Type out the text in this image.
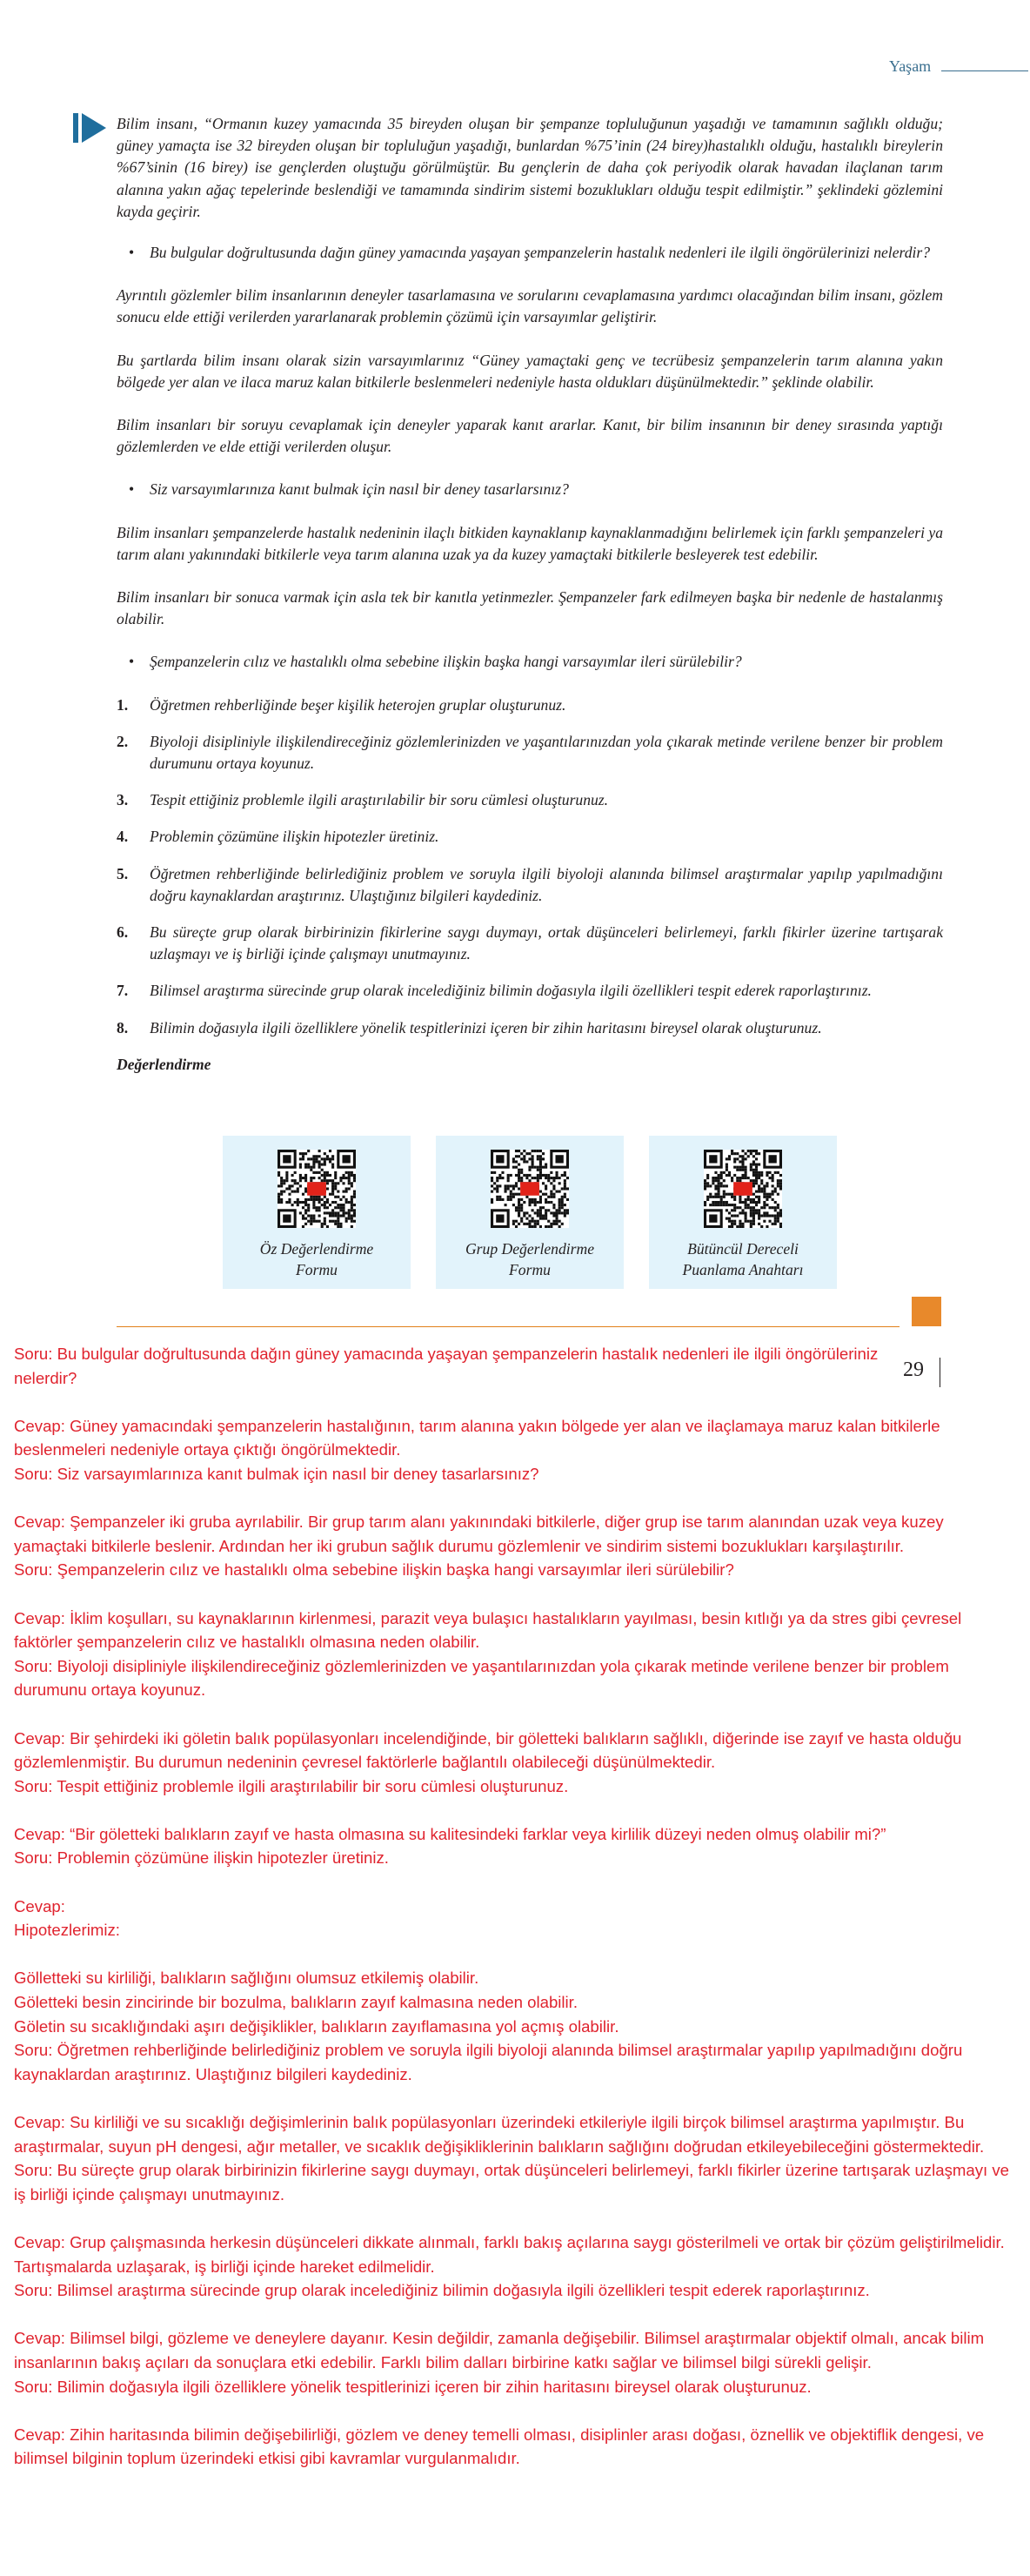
Yaşam

Bilim insanı, “Ormanın kuzey yamacında 35 bireyden oluşan bir şempanze topluluğunun yaşadığı ve tamamının sağlıklı olduğu; güney yamaçta ise 32 bireyden oluşan bir topluluğun yaşadığı, bunlardan %75’inin (24 birey)hastalıklı olduğu, hastalıklı bireylerin %67’sinin (16 birey) ise gençlerden oluştuğu görülmüştür. Bu gençlerin de daha çok periyodik olarak havadan ilaçlanan tarım alanına yakın ağaç tepelerinde beslendiği ve tamamında sindirim sistemi bozuklukları olduğu tespit edilmiştir.” şeklindeki gözlemini kayda geçirir.

• Bu bulgular doğrultusunda dağın güney yamacında yaşayan şempanzelerin hastalık nedenleri ile ilgili öngörülerinizi nelerdir?

Ayrıntılı gözlemler bilim insanlarının deneyler tasarlamasına ve sorularını cevaplamasına yardımcı olacağından bilim insanı, gözlem sonucu elde ettiği verilerden yararlanarak problemin çözümü için varsayımlar geliştirir.

Bu şartlarda bilim insanı olarak sizin varsayımlarınız “Güney yamaçtaki genç ve tecrübesiz şempanzelerin tarım alanına yakın bölgede yer alan ve ilaca maruz kalan bitkilerle beslenmeleri nedeniyle hasta oldukları düşünülmektedir.” şeklinde olabilir.

Bilim insanları bir soruyu cevaplamak için deneyler yaparak kanıt ararlar. Kanıt, bir bilim insanının bir deney sırasında yaptığı gözlemlerden ve elde ettiği verilerden oluşur.

• Siz varsayımlarınıza kanıt bulmak için nasıl bir deney tasarlarsınız?

Bilim insanları şempanzelerde hastalık nedeninin ilaçlı bitkiden kaynaklanıp kaynaklanmadığını belirlemek için farklı şempanzeleri ya tarım alanı yakınındaki bitkilerle veya tarım alanına uzak ya da kuzey yamaçtaki bitkilerle besleyerek test edebilir.

Bilim insanları bir sonuca varmak için asla tek bir kanıtla yetinmezler. Şempanzeler fark edilmeyen başka bir nedenle de hastalanmış olabilir.

• Şempanzelerin cılız ve hastalıklı olma sebebine ilişkin başka hangi varsayımlar ileri sürülebilir?
1. Öğretmen rehberliğinde beşer kişilik heterojen gruplar oluşturunuz.
2. Biyoloji disipliniyle ilişkilendireceğiniz gözlemlerinizden ve yaşantılarınızdan yola çıkarak metinde verilene benzer bir problem durumunu ortaya koyunuz.
3. Tespit ettiğiniz problemle ilgili araştırılabilir bir soru cümlesi oluşturunuz.
4. Problemin çözümüne ilişkin hipotezler üretiniz.
5. Öğretmen rehberliğinde belirlediğiniz problem ve soruyla ilgili biyoloji alanında bilimsel araştırmalar yapılıp yapılmadığını doğru kaynaklardan araştırınız. Ulaştığınız bilgileri kaydediniz.
6. Bu süreçte grup olarak birbirinizin fikirlerine saygı duymayı, ortak düşünceleri belirlemeyi, farklı fikirler üzerine tartışarak uzlaşmayı ve iş birliği içinde çalışmayı unutmayınız.
7. Bilimsel araştırma sürecinde grup olarak incelediğiniz bilimin doğasıyla ilgili özellikleri tespit ederek raporlaştırınız.
8. Bilimin doğasıyla ilgili özelliklere yönelik tespitlerinizi içeren bir zihin haritasını bireysel olarak oluşturunuz.
Değerlendirme
Öz Değerlendirme
Formu
Grup Değerlendirme
Formu
Bütüncül Dereceli
Puanlama Anahtarı
29
Soru: Bu bulgular doğrultusunda dağın güney yamacında yaşayan şempanzelerin hastalık nedenleri ile ilgili öngörüleriniz nelerdir?
Cevap: Güney yamacındaki şempanzelerin hastalığının, tarım alanına yakın bölgede yer alan ve ilaçlamaya maruz kalan bitkilerle beslenmeleri nedeniyle ortaya çıktığı öngörülmektedir.
Soru: Siz varsayımlarınıza kanıt bulmak için nasıl bir deney tasarlarsınız?
Cevap: Şempanzeler iki gruba ayrılabilir. Bir grup tarım alanı yakınındaki bitkilerle, diğer grup ise tarım alanından uzak veya kuzey yamaçtaki bitkilerle beslenir. Ardından her iki grubun sağlık durumu gözlemlenir ve sindirim sistemi bozuklukları karşılaştırılır.
Soru: Şempanzelerin cılız ve hastalıklı olma sebebine ilişkin başka hangi varsayımlar ileri sürülebilir?
Cevap: İklim koşulları, su kaynaklarının kirlenmesi, parazit veya bulaşıcı hastalıkların yayılması, besin kıtlığı ya da stres gibi çevresel faktörler şempanzelerin cılız ve hastalıklı olmasına neden olabilir.
Soru: Biyoloji disipliniyle ilişkilendireceğiniz gözlemlerinizden ve yaşantılarınızdan yola çıkarak metinde verilene benzer bir problem durumunu ortaya koyunuz.
Cevap: Bir şehirdeki iki göletin balık popülasyonları incelendiğinde, bir göletteki balıkların sağlıklı, diğerinde ise zayıf ve hasta olduğu gözlemlenmiştir. Bu durumun nedeninin çevresel faktörlerle bağlantılı olabileceği düşünülmektedir.
Soru: Tespit ettiğiniz problemle ilgili araştırılabilir bir soru cümlesi oluşturunuz.
Cevap: “Bir göletteki balıkların zayıf ve hasta olmasına su kalitesindeki farklar veya kirlilik düzeyi neden olmuş olabilir mi?”
Soru: Problemin çözümüne ilişkin hipotezler üretiniz.
Cevap:
Hipotezlerimiz:
Gölletteki su kirliliği, balıkların sağlığını olumsuz etkilemiş olabilir.
Göletteki besin zincirinde bir bozulma, balıkların zayıf kalmasına neden olabilir.
Göletin su sıcaklığındaki aşırı değişiklikler, balıkların zayıflamasına yol açmış olabilir.
Soru: Öğretmen rehberliğinde belirlediğiniz problem ve soruyla ilgili biyoloji alanında bilimsel araştırmalar yapılıp yapılmadığını doğru kaynaklardan araştırınız. Ulaştığınız bilgileri kaydediniz.
Cevap: Su kirliliği ve su sıcaklığı değişimlerinin balık popülasyonları üzerindeki etkileriyle ilgili birçok bilimsel araştırma yapılmıştır. Bu araştırmalar, suyun pH dengesi, ağır metaller, ve sıcaklık değişikliklerinin balıkların sağlığını doğrudan etkileyebileceğini göstermektedir.
Soru: Bu süreçte grup olarak birbirinizin fikirlerine saygı duymayı, ortak düşünceleri belirlemeyi, farklı fikirler üzerine tartışarak uzlaşmayı ve iş birliği içinde çalışmayı unutmayınız.
Cevap: Grup çalışmasında herkesin düşünceleri dikkate alınmalı, farklı bakış açılarına saygı gösterilmeli ve ortak bir çözüm geliştirilmelidir. Tartışmalarda uzlaşarak, iş birliği içinde hareket edilmelidir.
Soru: Bilimsel araştırma sürecinde grup olarak incelediğiniz bilimin doğasıyla ilgili özellikleri tespit ederek raporlaştırınız.
Cevap: Bilimsel bilgi, gözleme ve deneylere dayanır. Kesin değildir, zamanla değişebilir. Bilimsel araştırmalar objektif olmalı, ancak bilim insanlarının bakış açıları da sonuçlara etki edebilir. Farklı bilim dalları birbirine katkı sağlar ve bilimsel bilgi sürekli gelişir.
Soru: Bilimin doğasıyla ilgili özelliklere yönelik tespitlerinizi içeren bir zihin haritasını bireysel olarak oluşturunuz.
Cevap: Zihin haritasında bilimin değişebilirliği, gözlem ve deney temelli olması, disiplinler arası doğası, öznellik ve objektiflik dengesi, ve bilimsel bilginin toplum üzerindeki etkisi gibi kavramlar vurgulanmalıdır.
